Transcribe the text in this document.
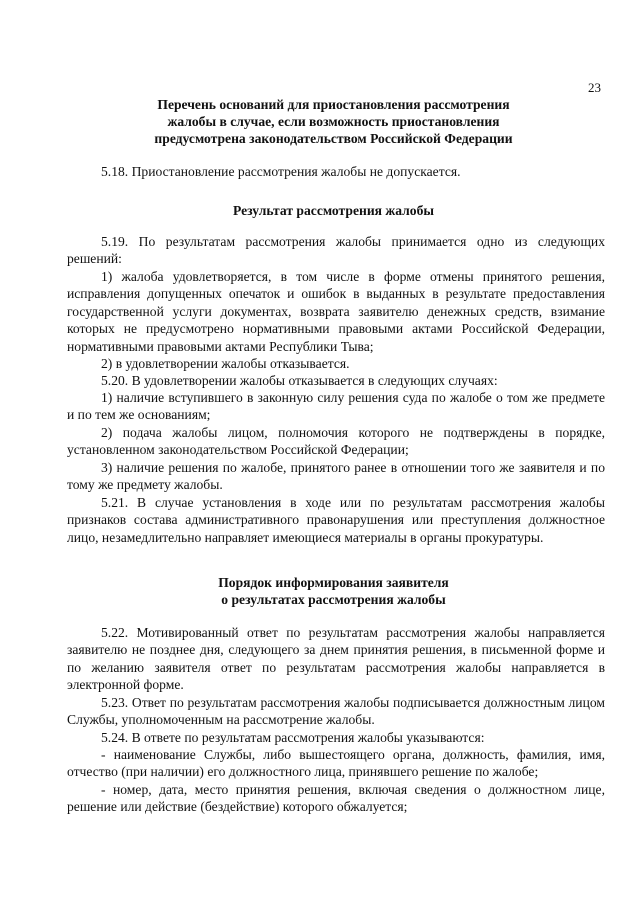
23
Перечень оснований для приостановления рассмотрения
жалобы в случае, если возможность приостановления
предусмотрена законодательством Российской Федерации
5.18. Приостановление рассмотрения жалобы не допускается.
Результат рассмотрения жалобы
5.19. По результатам рассмотрения жалобы принимается одно из следующих решений:
1) жалоба удовлетворяется, в том числе в форме отмены принятого решения, исправления допущенных опечаток и ошибок в выданных в результате предоставления государственной услуги документах, возврата заявителю денежных средств, взимание которых не предусмотрено нормативными правовыми актами Российской Федерации, нормативными правовыми актами Республики Тыва;
2) в удовлетворении жалобы отказывается.
5.20. В удовлетворении жалобы отказывается в следующих случаях:
1) наличие вступившего в законную силу решения суда по жалобе о том же предмете и по тем же основаниям;
2) подача жалобы лицом, полномочия которого не подтверждены в порядке, установленном законодательством Российской Федерации;
3) наличие решения по жалобе, принятого ранее в отношении того же заявителя и по тому же предмету жалобы.
5.21. В случае установления в ходе или по результатам рассмотрения жалобы признаков состава административного правонарушения или преступления должностное лицо, незамедлительно направляет имеющиеся материалы в органы прокуратуры.
Порядок информирования заявителя
о результатах рассмотрения жалобы
5.22. Мотивированный ответ по результатам рассмотрения жалобы направляется заявителю не позднее дня, следующего за днем принятия решения, в письменной форме и по желанию заявителя ответ по результатам рассмотрения жалобы направляется в электронной форме.
5.23. Ответ по результатам рассмотрения жалобы подписывается должностным лицом Службы, уполномоченным на рассмотрение жалобы.
5.24. В ответе по результатам рассмотрения жалобы указываются:
- наименование Службы, либо вышестоящего органа, должность, фамилия, имя, отчество (при наличии) его должностного лица, принявшего решение по жалобе;
- номер, дата, место принятия решения, включая сведения о должностном лице, решение или действие (бездействие) которого обжалуется;
